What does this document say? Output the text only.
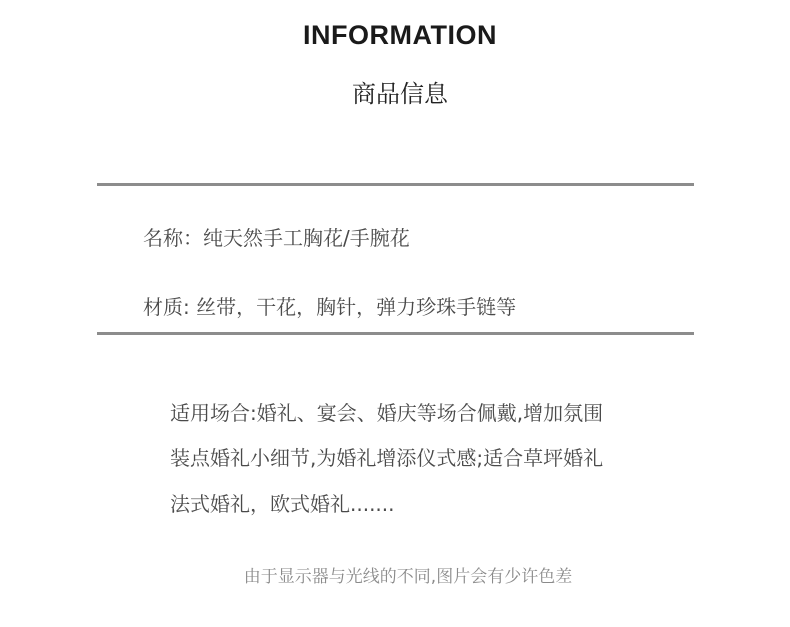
INFORMATION
商品信息
名称：纯天然手工胸花/手腕花
材质: 丝带，干花，胸针，弹力珍珠手链等
适用场合:婚礼、宴会、婚庆等场合佩戴,增加氛围
装点婚礼小细节,为婚礼增添仪式感;适合草坪婚礼
法式婚礼，欧式婚礼.......
由于显示器与光线的不同,图片会有少许色差
